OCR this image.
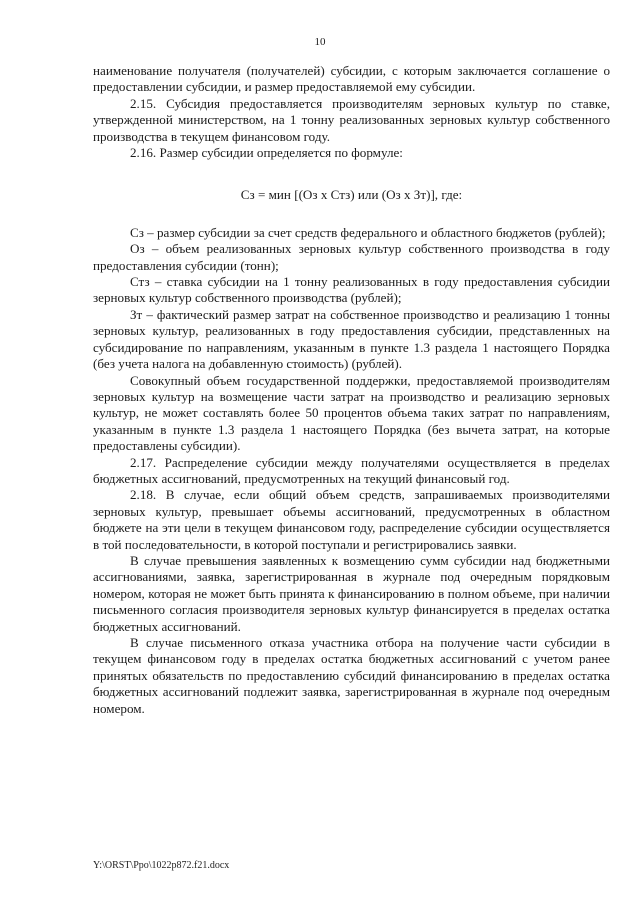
10

наименование получателя (получателей) субсидии, с которым заключается соглашение о предоставлении субсидии, и размер предоставляемой ему субсидии.

2.15. Субсидия предоставляется производителям зерновых культур по ставке, утвержденной министерством, на 1 тонну реализованных зерновых культур собственного производства в текущем финансовом году.

2.16. Размер субсидии определяется по формуле:

Сз = мин [(Оз х Стз) или (Оз х Зт)], где:

Сз – размер субсидии за счет средств федерального и областного бюджетов (рублей);

Оз – объем реализованных зерновых культур собственного производства в году предоставления субсидии (тонн);

Стз – ставка субсидии на 1 тонну реализованных в году предоставления субсидии зерновых культур собственного производства (рублей);

Зт – фактический размер затрат на собственное производство и реализацию 1 тонны зерновых культур, реализованных в году предоставления субсидии, представленных на субсидирование по направлениям, указанным в пункте 1.3 раздела 1 настоящего Порядка (без учета налога на добавленную стоимость) (рублей).

Совокупный объем государственной поддержки, предоставляемой производителям зерновых культур на возмещение части затрат на производство и реализацию зерновых культур, не может составлять более 50 процентов объема таких затрат по направлениям, указанным в пункте 1.3 раздела 1 настоящего Порядка (без вычета затрат, на которые предоставлены субсидии).

2.17. Распределение субсидии между получателями осуществляется в пределах бюджетных ассигнований, предусмотренных на текущий финансовый год.

2.18. В случае, если общий объем средств, запрашиваемых производителями зерновых культур, превышает объемы ассигнований, предусмотренных в областном бюджете на эти цели в текущем финансовом году, распределение субсидии осуществляется в той последовательности, в которой поступали и регистрировались заявки.

В случае превышения заявленных к возмещению сумм субсидии над бюджетными ассигнованиями, заявка, зарегистрированная в журнале под очередным порядковым номером, которая не может быть принята к финансированию в полном объеме, при наличии письменного согласия производителя зерновых культур финансируется в пределах остатка бюджетных ассигнований.

В случае письменного отказа участника отбора на получение части субсидии в текущем финансовом году в пределах остатка бюджетных ассигнований с учетом ранее принятых обязательств по предоставлению субсидий финансированию в пределах остатка бюджетных ассигнований подлежит заявка, зарегистрированная в журнале под очередным номером.

Y:\ORST\Ppo\1022p872.f21.docx
